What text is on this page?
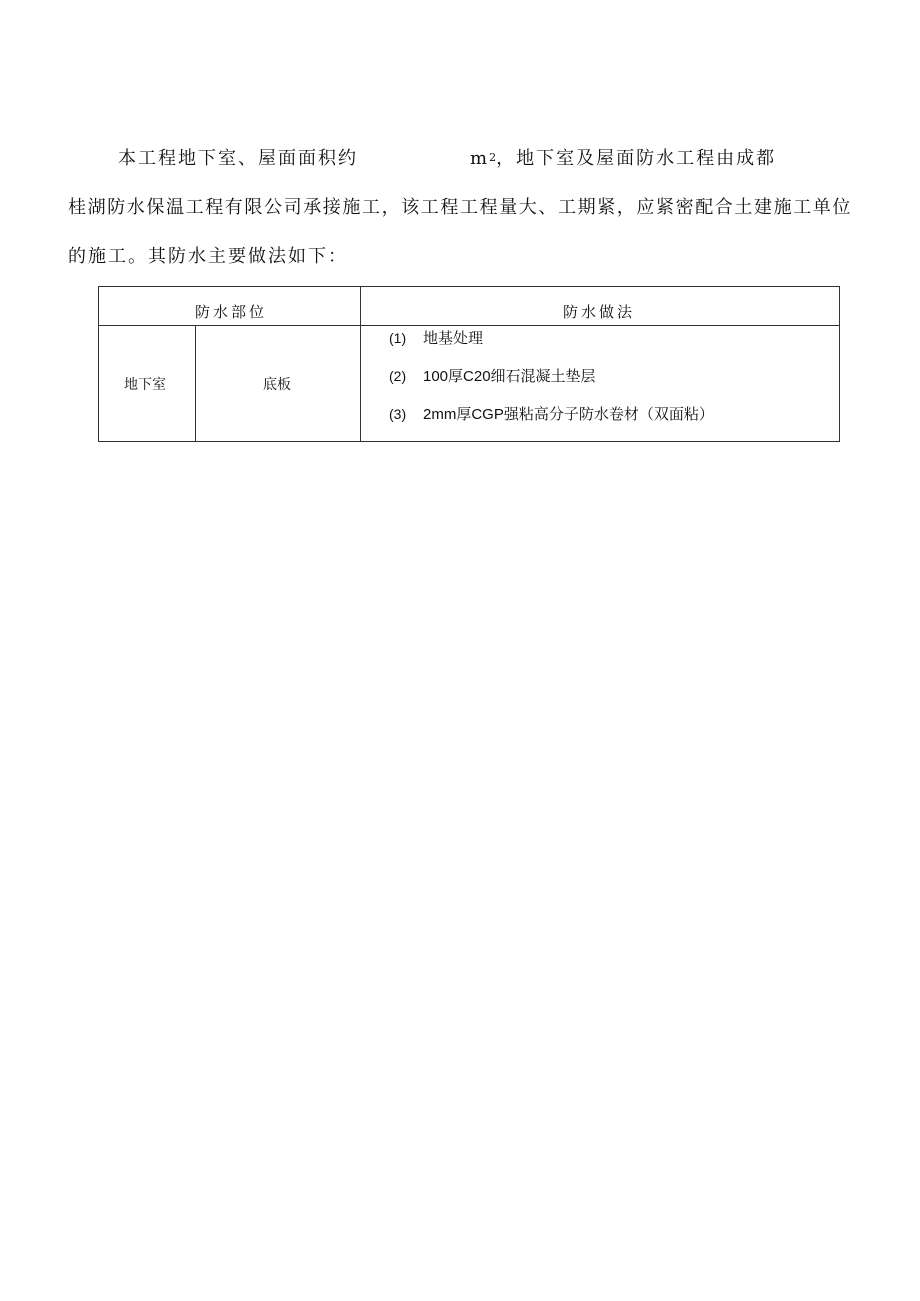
本工程地下室、屋面面积约	$m^2$，地下室及屋面防水工程由成都
桂湖防水保温工程有限公司承接施工，该工程工程量大、工期紧，应紧密配合土建施工单位
的施工。其防水主要做法如下：
防水部位	防水做法
地下室	底板
(1) 地基处理
(2) 100厚C20细石混凝土垫层
(3) 2mm厚CGP强粘高分子防水卷材（双面粘）
